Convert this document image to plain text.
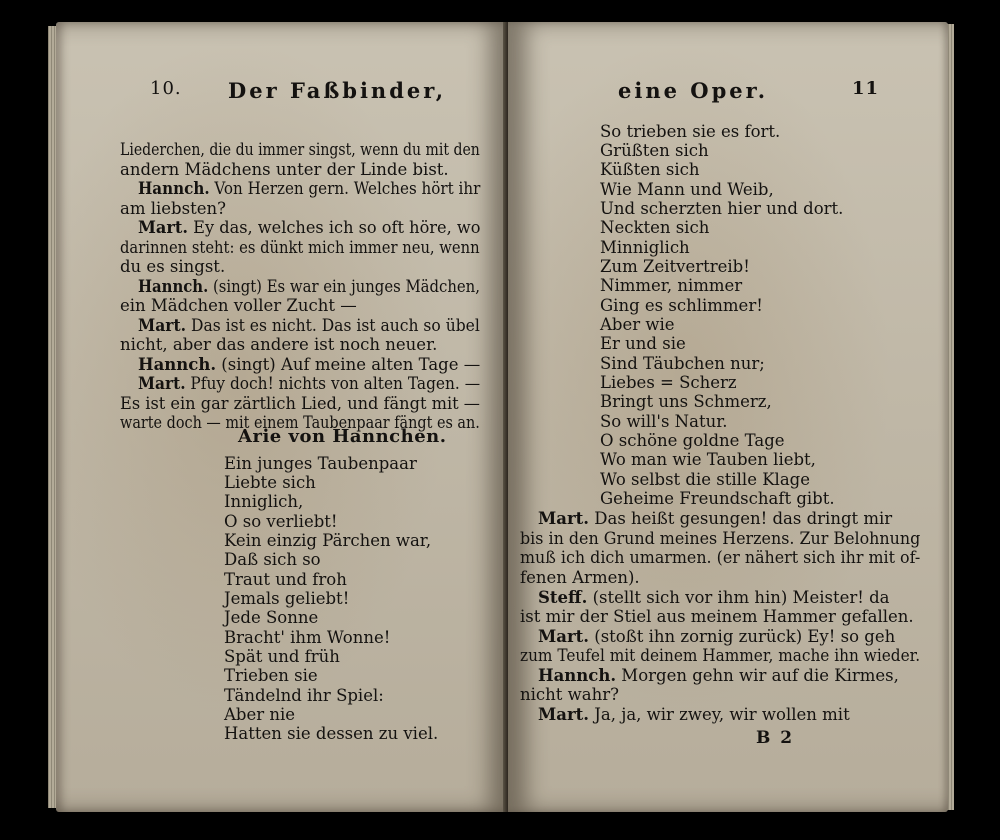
10. Der Faßbinder,
Liederchen, die du immer singst, wenn du mit den
andern Mädchens unter der Linde bist.
Hannch. Von Herzen gern. Welches hört ihr
am liebsten?
Mart. Ey das, welches ich so oft höre, wo
darinnen steht: es dünkt mich immer neu, wenn
du es singst.
Hannch. (singt) Es war ein junges Mädchen,
ein Mädchen voller Zucht —
Mart. Das ist es nicht. Das ist auch so übel
nicht, aber das andere ist noch neuer.
Hannch. (singt) Auf meine alten Tage —
Mart. Pfuy doch! nichts von alten Tagen. —
Es ist ein gar zärtlich Lied, und fängt mit —
warte doch — mit einem Taubenpaar fängt es an.
Arie von Hannchen.
Ein junges Taubenpaar
Liebte sich
Inniglich,
O so verliebt!
Kein einzig Pärchen war,
Daß sich so
Traut und froh
Jemals geliebt!
Jede Sonne
Bracht' ihm Wonne!
Spät und früh
Trieben sie
Tändelnd ihr Spiel:
Aber nie
Hatten sie dessen zu viel.
eine Oper.	11
So trieben sie es fort.
Grüßten sich
Küßten sich
Wie Mann und Weib,
Und scherzten hier und dort.
Neckten sich
Minniglich
Zum Zeitvertreib!
Nimmer, nimmer
Ging es schlimmer!
Aber wie
Er und sie
Sind Täubchen nur;
Liebes = Scherz
Bringt uns Schmerz,
So will's Natur.
O schöne goldne Tage
Wo man wie Tauben liebt,
Wo selbst die stille Klage
Geheime Freundschaft gibt.
Mart. Das heißt gesungen! das dringt mir
bis in den Grund meines Herzens. Zur Belohnung
muß ich dich umarmen. (er nähert sich ihr mit of-
fenen Armen).
Steff. (stellt sich vor ihm hin) Meister! da
ist mir der Stiel aus meinem Hammer gefallen.
Mart. (stoßt ihn zornig zurück) Ey! so geh
zum Teufel mit deinem Hammer, mache ihn wieder.
Hannch. Morgen gehn wir auf die Kirmes,
nicht wahr?
Mart. Ja, ja, wir zwey, wir wollen mit
B 2
